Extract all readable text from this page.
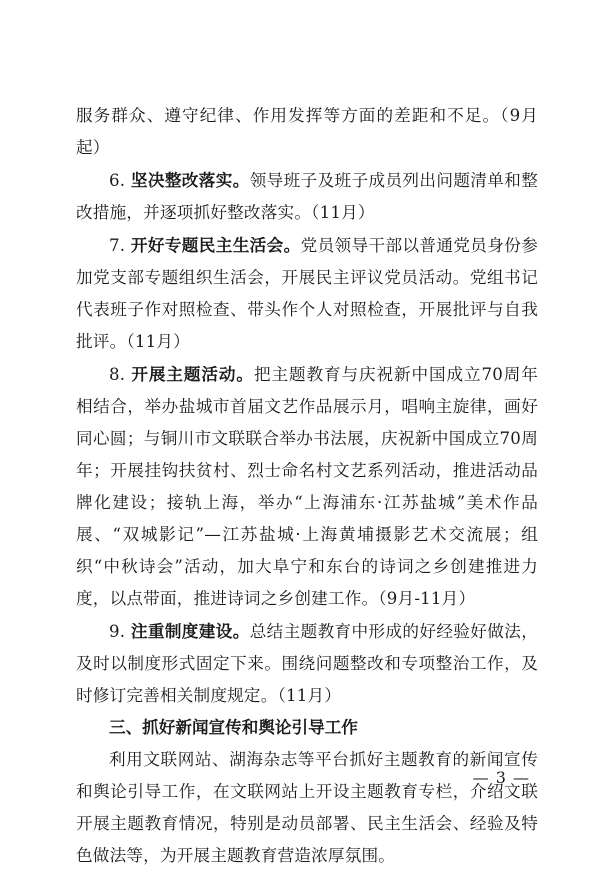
服务群众、遵守纪律、作用发挥等方面的差距和不足。（9月起）

6. 坚决整改落实。领导班子及班子成员列出问题清单和整改措施，并逐项抓好整改落实。（11月）

7. 开好专题民主生活会。党员领导干部以普通党员身份参加党支部专题组织生活会，开展民主评议党员活动。党组书记代表班子作对照检查、带头作个人对照检查，开展批评与自我批评。（11月）

8. 开展主题活动。把主题教育与庆祝新中国成立70周年相结合，举办盐城市首届文艺作品展示月，唱响主旋律，画好同心圆；与铜川市文联联合举办书法展，庆祝新中国成立70周年；开展挂钩扶贫村、烈士命名村文艺系列活动，推进活动品牌化建设；接轨上海，举办“上海浦东·江苏盐城”美术作品展、“双城影记”—江苏盐城·上海黄埔摄影艺术交流展；组织“中秋诗会”活动，加大阜宁和东台的诗词之乡创建推进力度，以点带面，推进诗词之乡创建工作。（9月-11月）

9. 注重制度建设。总结主题教育中形成的好经验好做法，及时以制度形式固定下来。围绕问题整改和专项整治工作，及时修订完善相关制度规定。（11月）

三、抓好新闻宣传和舆论引导工作

利用文联网站、湖海杂志等平台抓好主题教育的新闻宣传和舆论引导工作，在文联网站上开设主题教育专栏，介绍文联开展主题教育情况，特别是动员部署、民主生活会、经验及特色做法等，为开展主题教育营造浓厚氛围。

— 3 —
